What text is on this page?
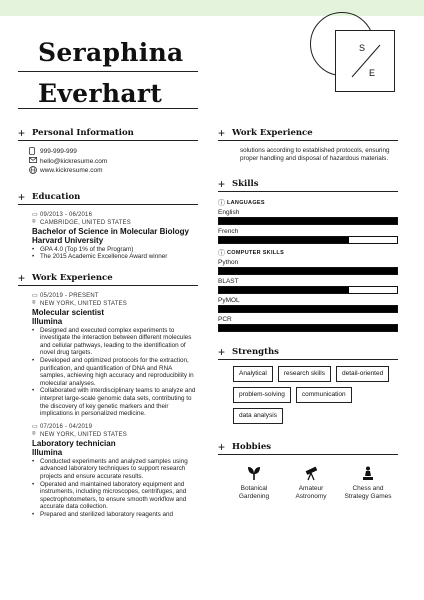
Seraphina
Everhart
S
E
+ Personal Information
999-999-999
hello@kickresume.com
www.kickresume.com
+ Education
▭ 09/2013 - 06/2016
⌾ CAMBRIDGE, UNITED STATES
Bachelor of Science in Molecular Biology
Harvard University
• GPA 4.0 (Top 1% of the Program)
• The 2015 Academic Excellence Award winner
+ Work Experience
▭ 05/2019 - PRESENT
⌾ NEW YORK, UNITED STATES
Molecular scientist
Illumina
• Designed and executed complex experiments to investigate the interaction between different molecules and cellular pathways, leading to the identification of novel drug targets.
• Developed and optimized protocols for the extraction, purification, and quantification of DNA and RNA samples, achieving high accuracy and reproducibility in molecular analyses.
• Collaborated with interdisciplinary teams to analyze and interpret large-scale genomic data sets, contributing to the discovery of key genetic markers and their implications in personalized medicine.
▭ 07/2016 - 04/2019
⌾ NEW YORK, UNITED STATES
Laboratory technician
Illumina
• Conducted experiments and analyzed samples using advanced laboratory techniques to support research projects and ensure accurate results.
• Operated and maintained laboratory equipment and instruments, including microscopes, centrifuges, and spectrophotometers, to ensure smooth workflow and accurate data collection.
• Prepared and sterilized laboratory reagents and
+ Work Experience
solutions according to established protocols, ensuring proper handling and disposal of hazardous materials.
+ Skills
ⓘ LANGUAGES
English
French
ⓘ COMPUTER SKILLS
Python
BLAST
PyMOL
PCR
+ Strengths
Analytical	research skills	detail-oriented
problem-solving	communication
data analysis
+ Hobbies
Botanical Gardening
Amateur Astronomy
Chess and Strategy Games
